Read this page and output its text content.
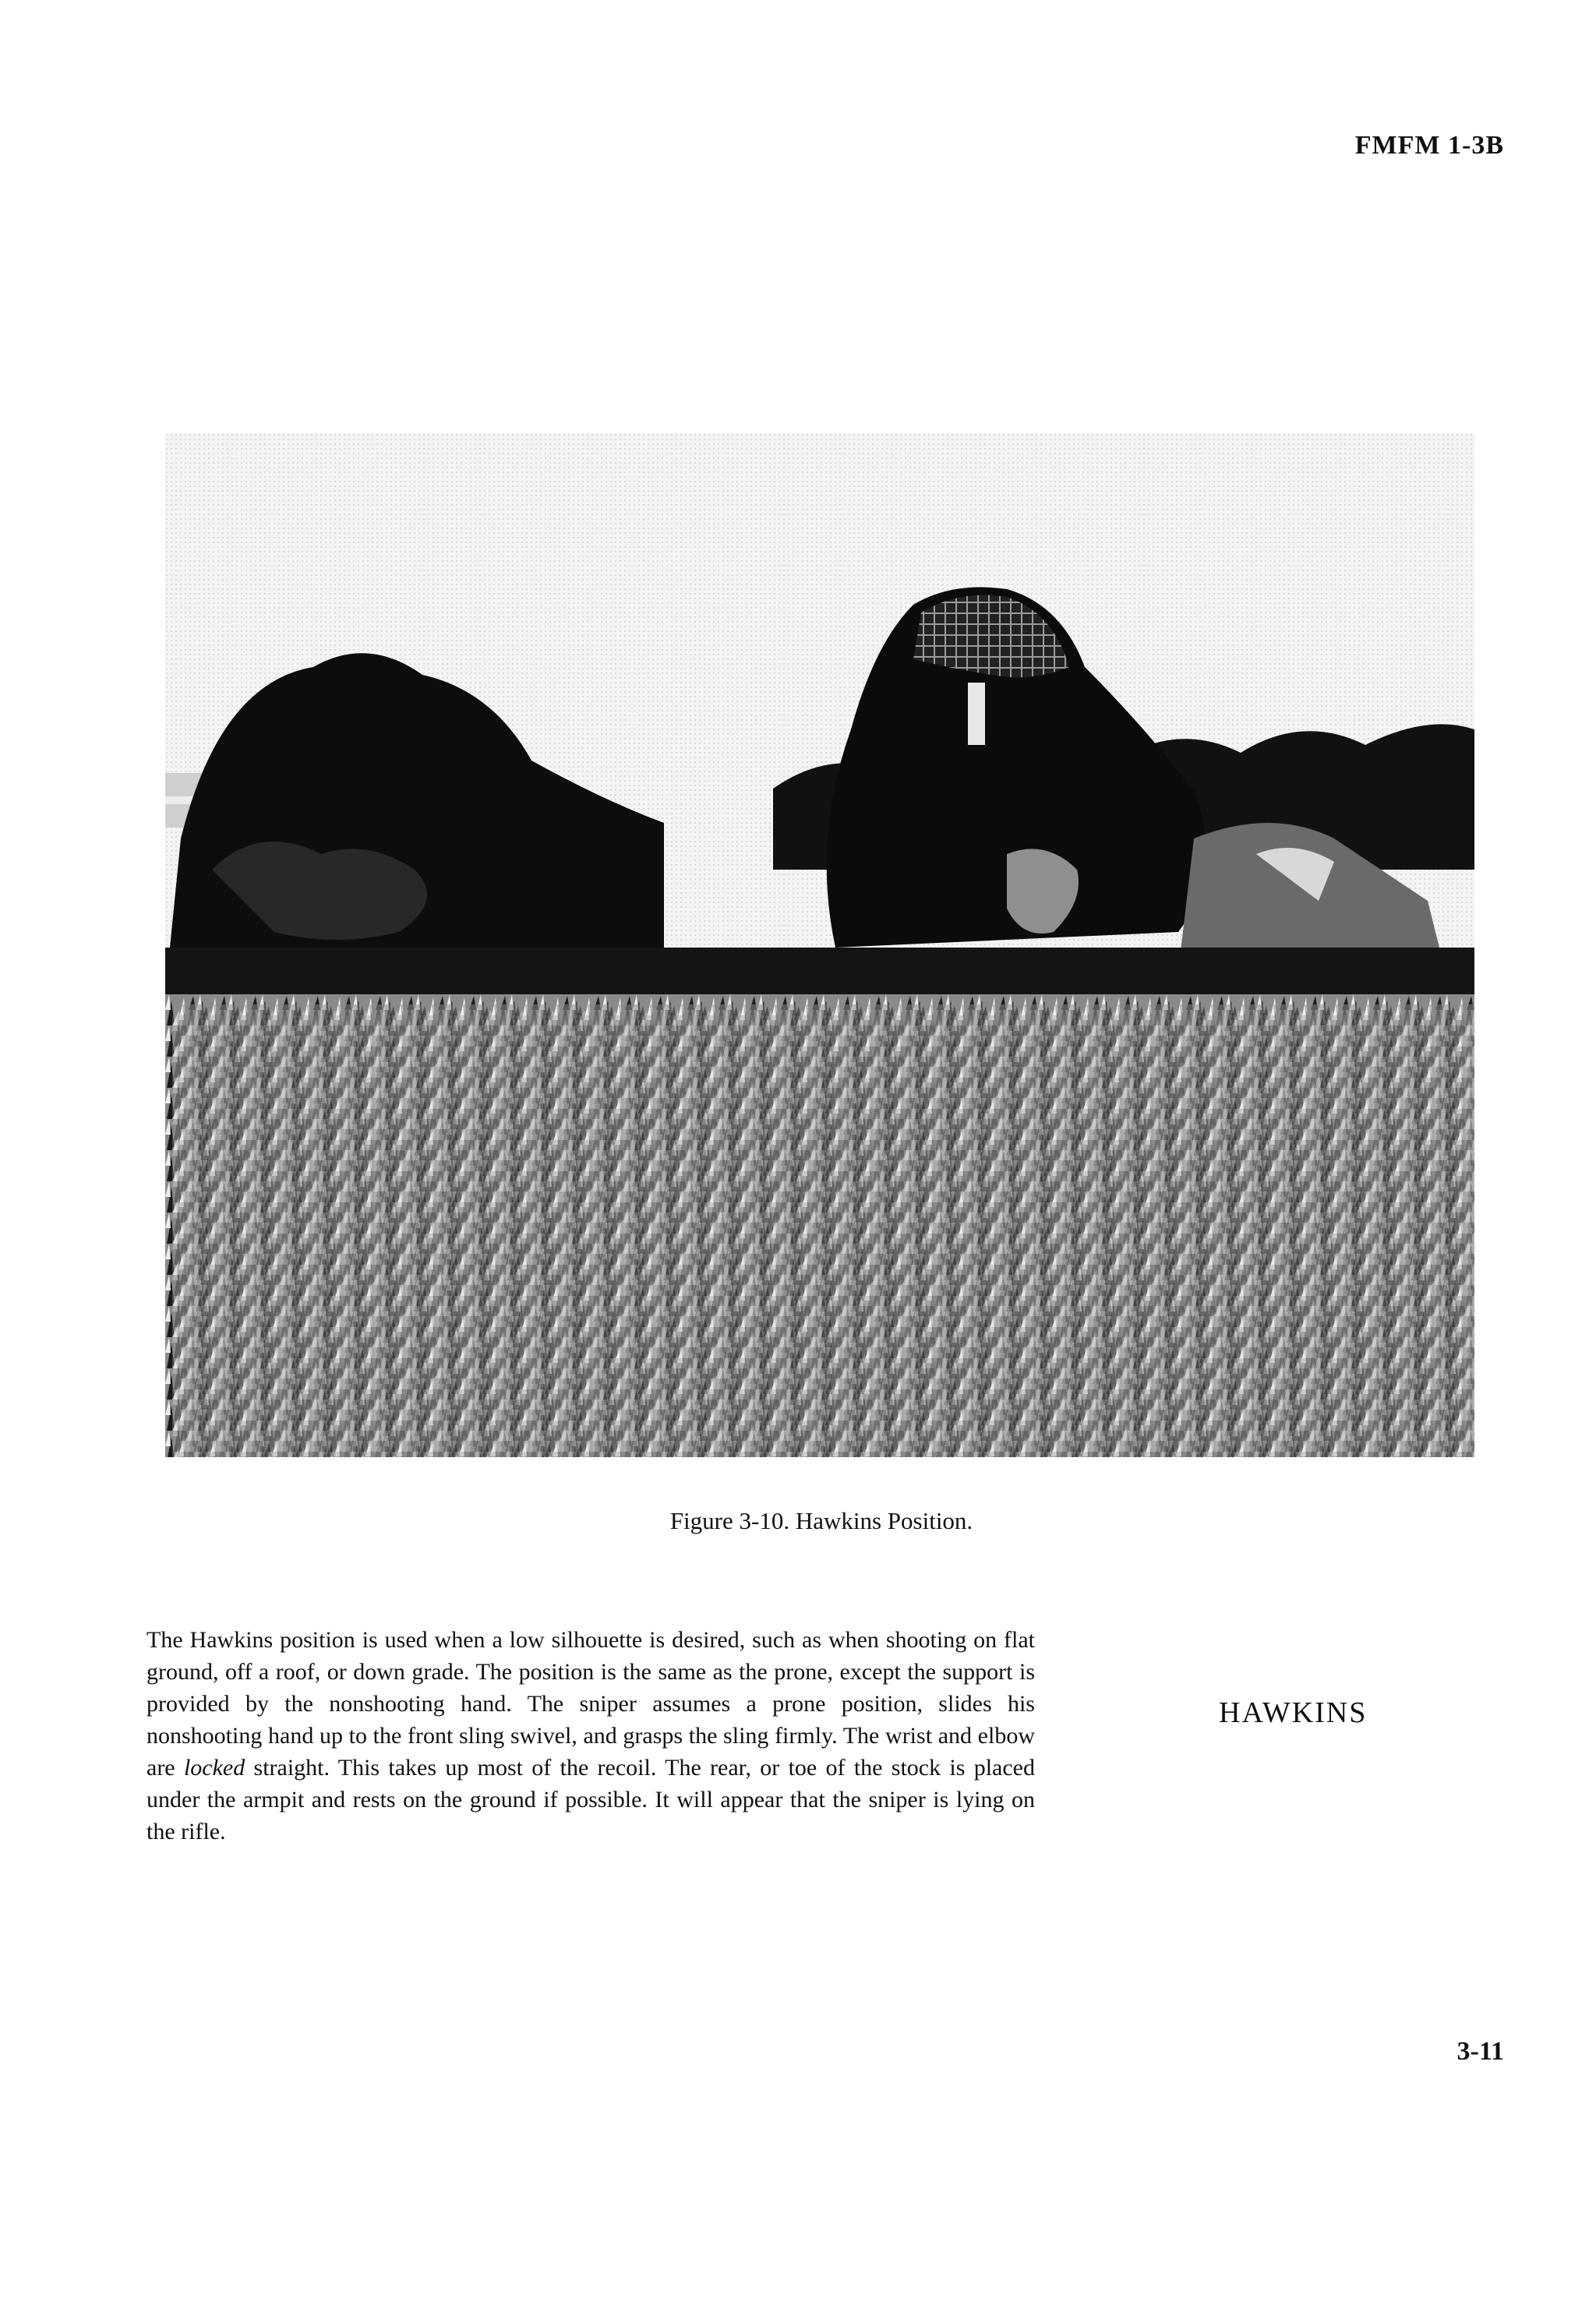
FMFM 1-3B
Figure 3-10. Hawkins Position.
The Hawkins position is used when a low silhouette is desired, such as when shooting on flat ground, off a roof, or down grade. The position is the same as the prone, except the support is provided by the nonshooting hand. The sniper assumes a prone position, slides his nonshooting hand up to the front sling swivel, and grasps the sling firmly. The wrist and elbow are locked straight. This takes up most of the recoil. The rear, or toe of the stock is placed under the armpit and rests on the ground if possible. It will appear that the sniper is lying on the rifle.
HAWKINS
3-11
